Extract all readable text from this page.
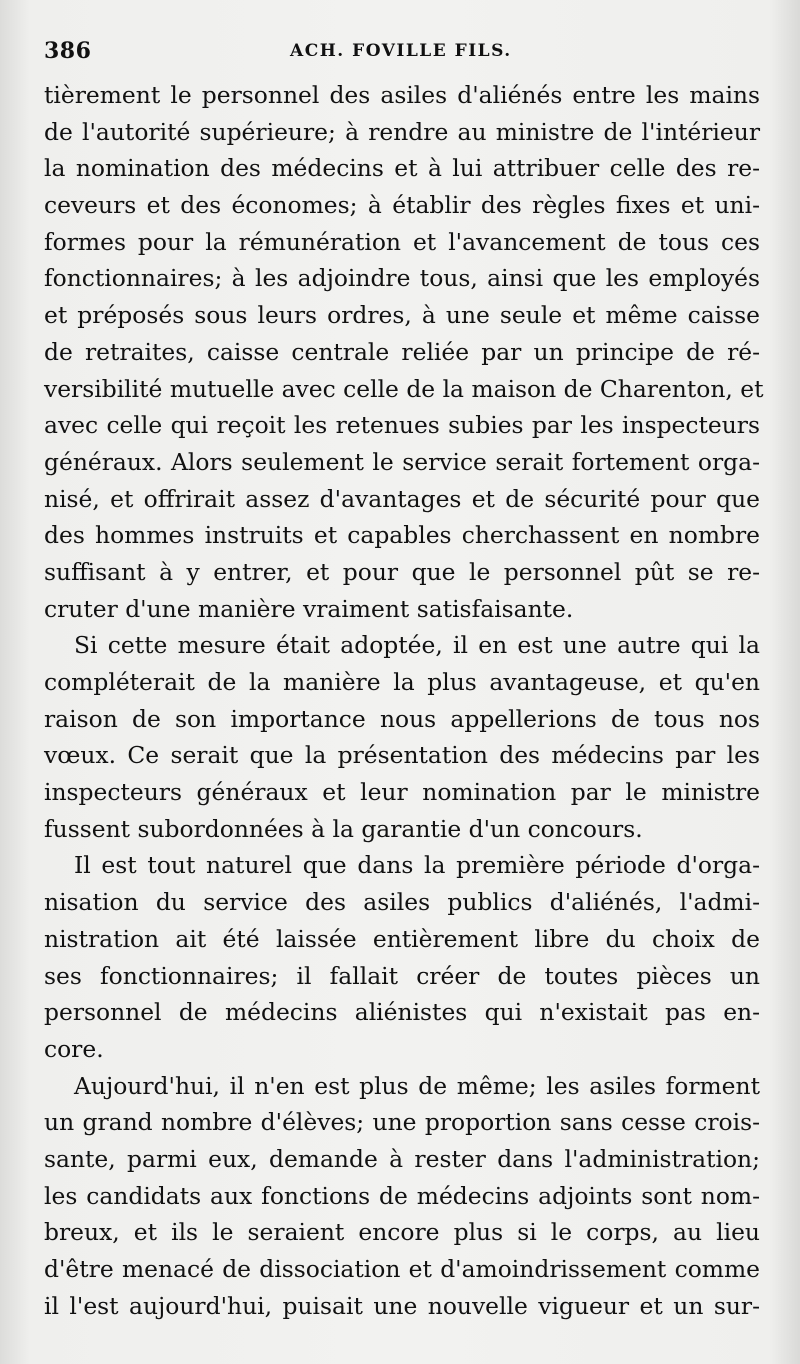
386	ACH. FOVILLE FILS.
tièrement le personnel des asiles d'aliénés entre les mains
de l'autorité supérieure; à rendre au ministre de l'intérieur
la nomination des médecins et à lui attribuer celle des re-
ceveurs et des économes; à établir des règles fixes et uni-
formes pour la rémunération et l'avancement de tous ces
fonctionnaires; à les adjoindre tous, ainsi que les employés
et préposés sous leurs ordres, à une seule et même caisse
de retraites, caisse centrale reliée par un principe de ré-
versibilité mutuelle avec celle de la maison de Charenton, et
avec celle qui reçoit les retenues subies par les inspecteurs
généraux. Alors seulement le service serait fortement orga-
nisé, et offrirait assez d'avantages et de sécurité pour que
des hommes instruits et capables cherchassent en nombre
suffisant à y entrer, et pour que le personnel pût se re-
cruter d'une manière vraiment satisfaisante.
Si cette mesure était adoptée, il en est une autre qui la
compléterait de la manière la plus avantageuse, et qu'en
raison de son importance nous appellerions de tous nos
vœux. Ce serait que la présentation des médecins par les
inspecteurs généraux et leur nomination par le ministre
fussent subordonnées à la garantie d'un concours.
Il est tout naturel que dans la première période d'orga-
nisation du service des asiles publics d'aliénés, l'admi-
nistration ait été laissée entièrement libre du choix de
ses fonctionnaires; il fallait créer de toutes pièces un
personnel de médecins aliénistes qui n'existait pas en-
core.
Aujourd'hui, il n'en est plus de même; les asiles forment
un grand nombre d'élèves; une proportion sans cesse crois-
sante, parmi eux, demande à rester dans l'administration;
les candidats aux fonctions de médecins adjoints sont nom-
breux, et ils le seraient encore plus si le corps, au lieu
d'être menacé de dissociation et d'amoindrissement comme
il l'est aujourd'hui, puisait une nouvelle vigueur et un sur-
